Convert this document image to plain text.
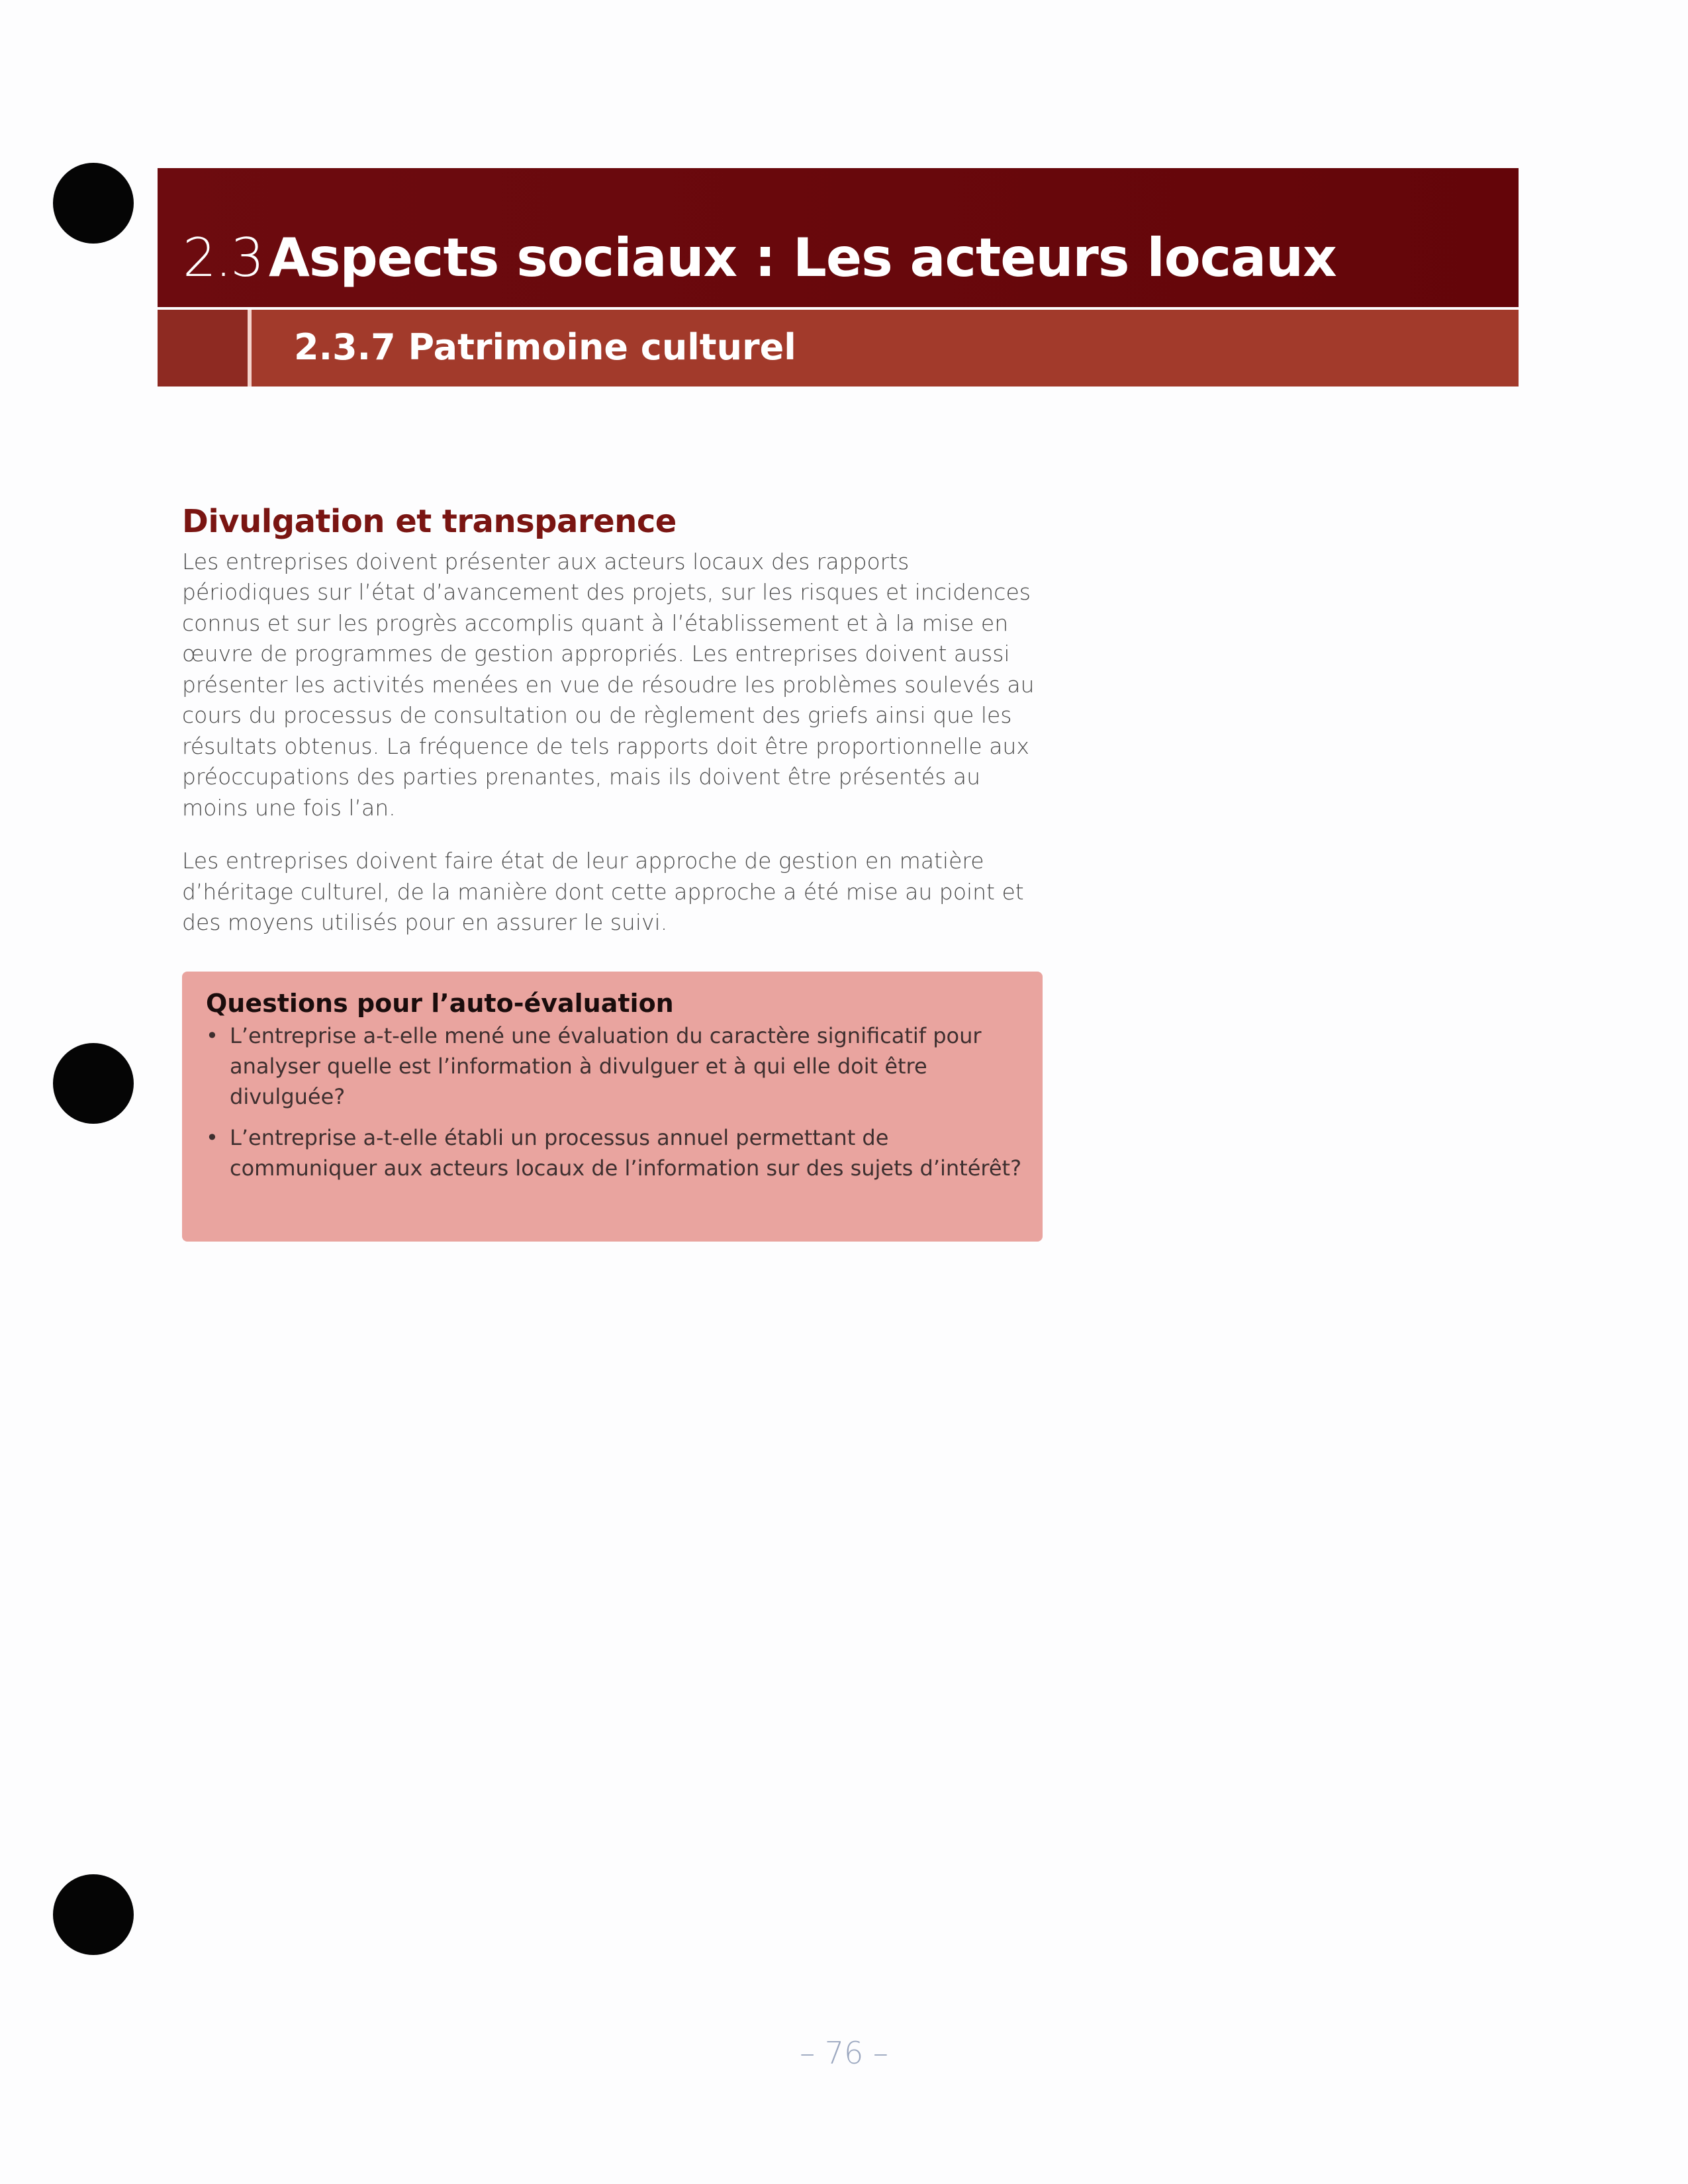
2.3 Aspects sociaux : Les acteurs locaux
2.3.7 Patrimoine culturel
Divulgation et transparence

Les entreprises doivent présenter aux acteurs locaux des rapports périodiques sur l’état d’avancement des projets, sur les risques et incidences connus et sur les progrès accomplis quant à l’établissement et à la mise en œuvre de programmes de gestion appropriés. Les entreprises doivent aussi présenter les activités menées en vue de résoudre les problèmes soulevés au cours du processus de consultation ou de règlement des griefs ainsi que les résultats obtenus. La fréquence de tels rapports doit être proportionnelle aux préoccupations des parties prenantes, mais ils doivent être présentés au moins une fois l’an.

Les entreprises doivent faire état de leur approche de gestion en matière d’héritage culturel, de la manière dont cette approche a été mise au point et des moyens utilisés pour en assurer le suivi.

Questions pour l’auto-évaluation
• L’entreprise a-t-elle mené une évaluation du caractère significatif pour analyser quelle est l’information à divulguer et à qui elle doit être divulguée?
• L’entreprise a-t-elle établi un processus annuel permettant de communiquer aux acteurs locaux de l’information sur des sujets d’intérêt?
– 76 –
